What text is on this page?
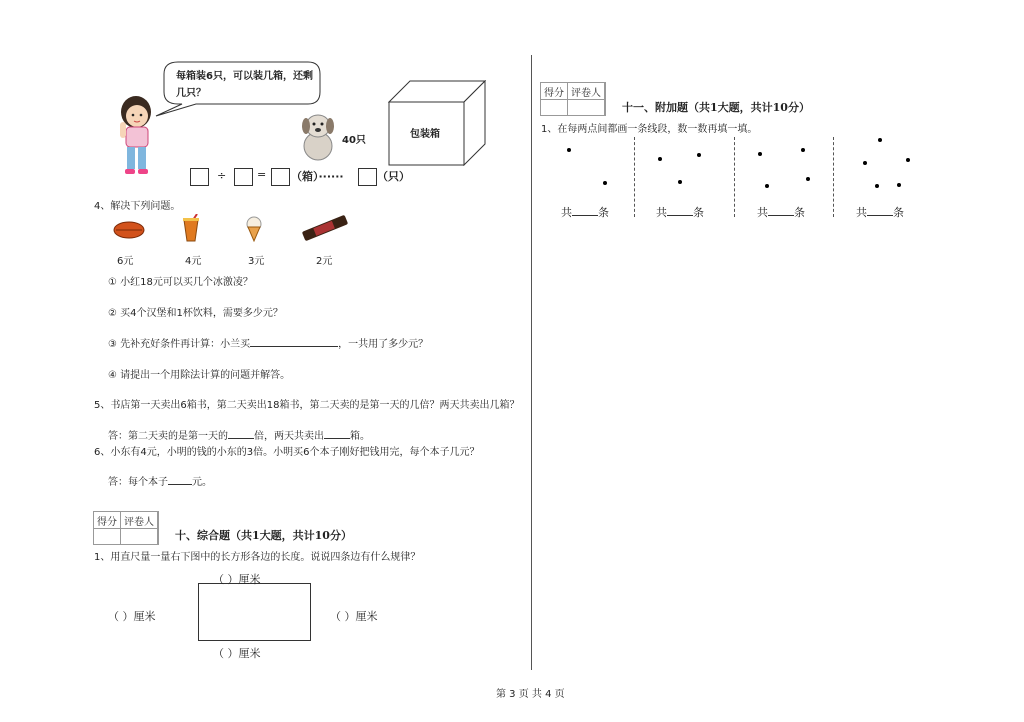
每箱装6只，可以装几箱，还剩几只？
40只
包装箱
÷	= （箱）······	（只）
4、解决下列问题。
6元	4元	3元	2元
① 小红18元可以买几个冰激凌？
② 买4个汉堡和1杯饮料，需要多少元？
③ 先补充好条件再计算：小兰买	，一共用了多少元？
④ 请提出一个用除法计算的问题并解答。
5、书店第一天卖出6箱书，第二天卖出18箱书，第二天卖的是第一天的几倍？两天共卖出几箱？
答：第二天卖的是第一天的	倍，两天共卖出	箱。
6、小东有4元，小明的钱的小东的3倍。小明买6个本子刚好把钱用完，每个本子几元？
答：每个本子 元。
得分 评卷人
十、综合题（共1大题，共计10分）
1、用直尺量一量右下图中的长方形各边的长度。说说四条边有什么规律？
（ ）厘米
（ ）厘米	（ ）厘米
（ ）厘米
得分 评卷人
十一、附加题（共1大题，共计10分）
1、在每两点间都画一条线段，数一数再填一填。
共 条	共 条	共 条	共 条
第 3 页 共 4 页
